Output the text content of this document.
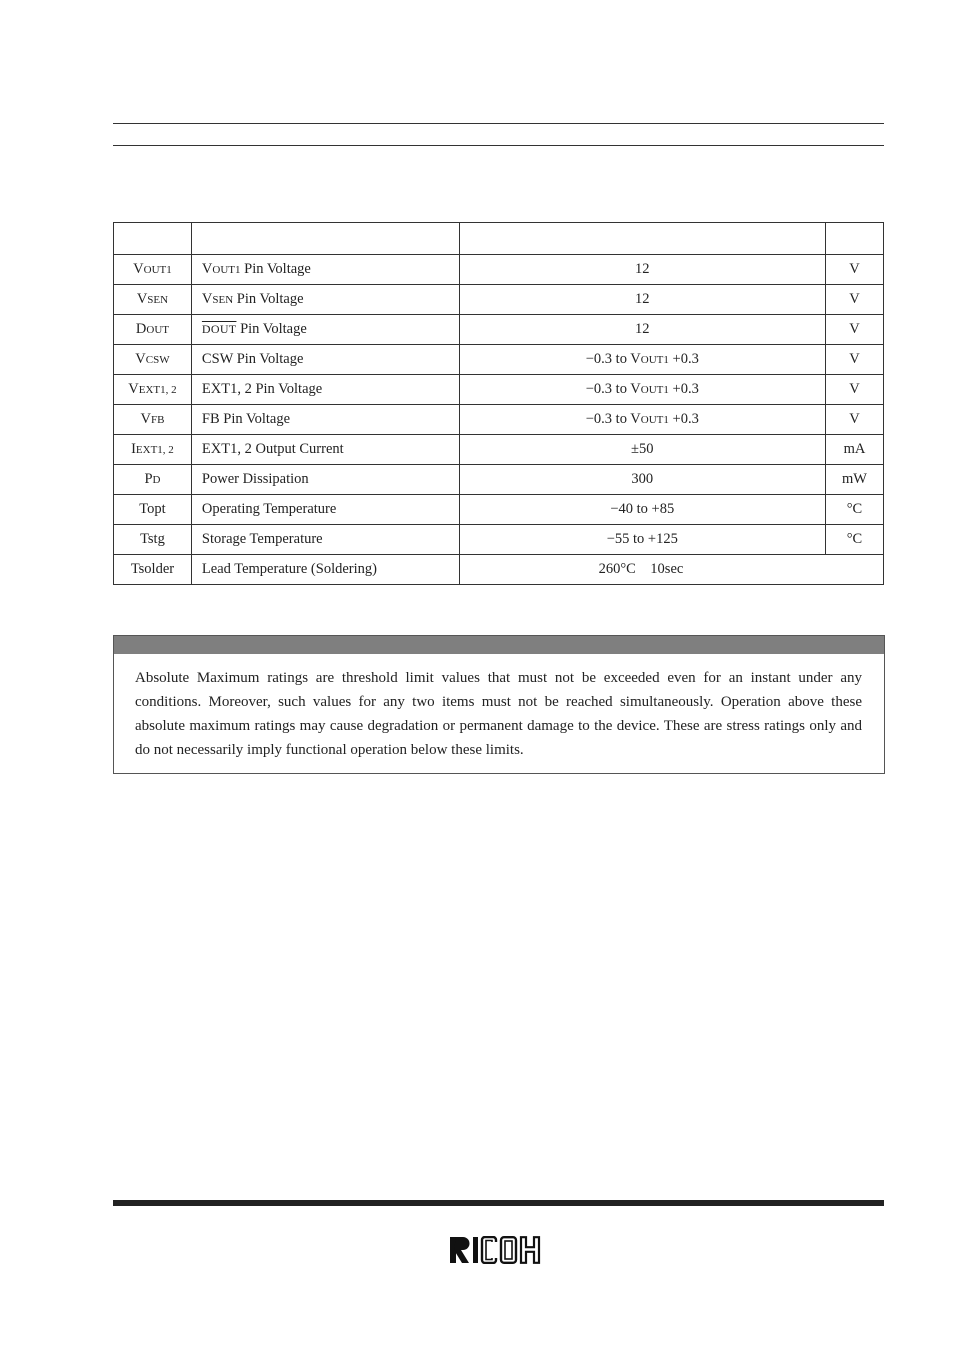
VOUT1	VOUT1 Pin Voltage	12	V
VSEN	VSEN Pin Voltage	12	V
DOUT	DOUT Pin Voltage	12	V
VCSW	CSW Pin Voltage	−0.3 to VOUT1 +0.3	V
VEXT1, 2	EXT1, 2 Pin Voltage	−0.3 to VOUT1 +0.3	V
VFB	FB Pin Voltage	−0.3 to VOUT1 +0.3	V
IEXT1, 2	EXT1, 2 Output Current	±50	mA
PD	Power Dissipation	300	mW
Topt	Operating Temperature	−40 to +85	°C
Tstg	Storage Temperature	−55 to +125	°C
Tsolder	Lead Temperature (Soldering)	260°C    10sec	
Absolute Maximum ratings are threshold limit values that must not be exceeded even for an instant under any conditions. Moreover, such values for any two items must not be reached simultaneously. Operation above these absolute maximum ratings may cause degradation or permanent damage to the device. These are stress ratings only and do not necessarily imply functional operation below these limits.
